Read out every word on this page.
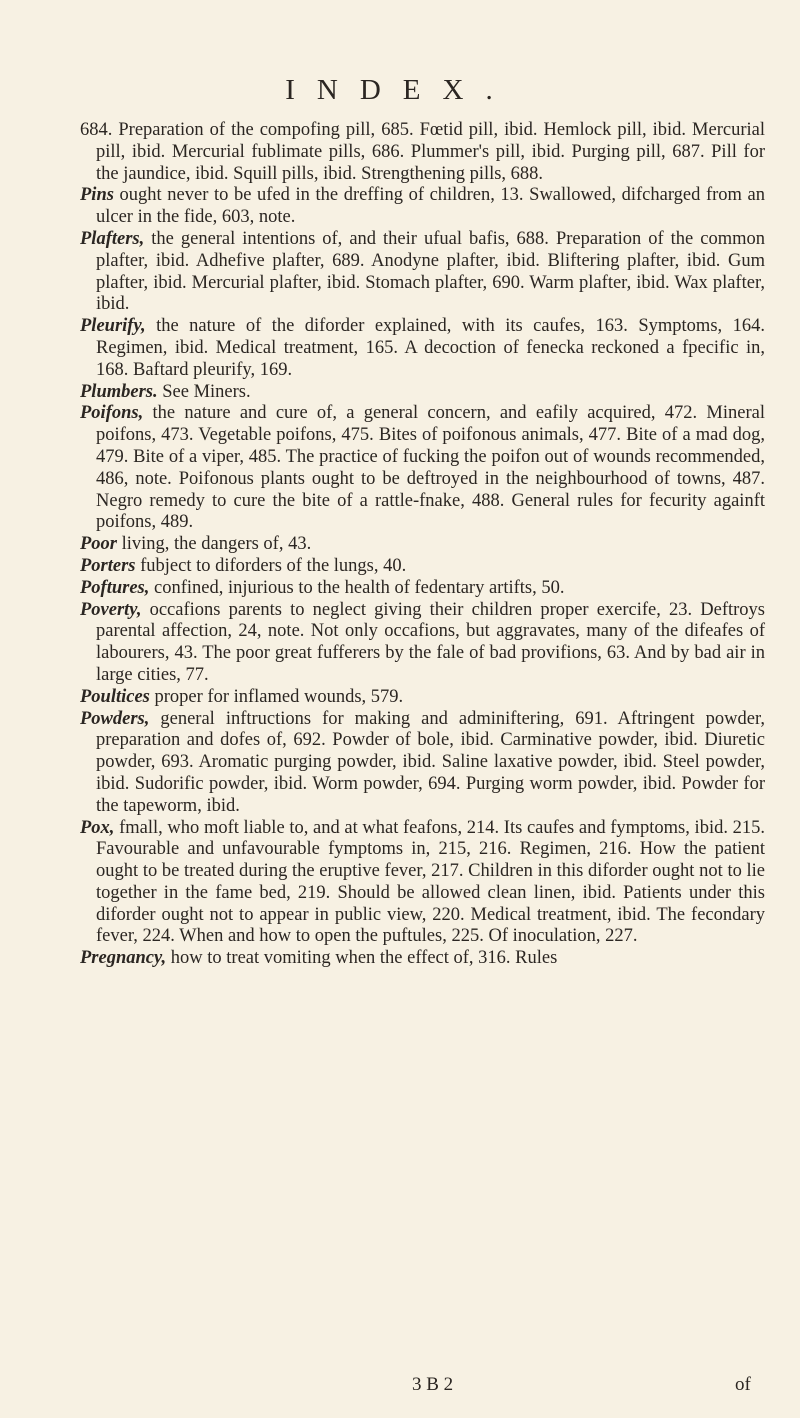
INDEX.

684. Preparation of the compofing pill, 685. Fœtid pill, ibid. Hemlock pill, ibid. Mercurial pill, ibid. Mercurial fublimate pills, 686. Plummer's pill, ibid. Purging pill, 687. Pill for the jaundice, ibid. Squill pills, ibid. Strengthening pills, 688.

Pins ought never to be ufed in the dreffing of children, 13. Swallowed, difcharged from an ulcer in the fide, 603, note.

Plafters, the general intentions of, and their ufual bafis, 688. Preparation of the common plafter, ibid. Adhefive plafter, 689. Anodyne plafter, ibid. Bliftering plafter, ibid. Gum plafter, ibid. Mercurial plafter, ibid. Stomach plafter, 690. Warm plafter, ibid. Wax plafter, ibid.

Pleurify, the nature of the diforder explained, with its caufes, 163. Symptoms, 164. Regimen, ibid. Medical treatment, 165. A decoction of fenecka reckoned a fpecific in, 168. Baftard pleurify, 169.

Plumbers. See Miners.

Poifons, the nature and cure of, a general concern, and eafily acquired, 472. Mineral poifons, 473. Vegetable poifons, 475. Bites of poifonous animals, 477. Bite of a mad dog, 479. Bite of a viper, 485. The practice of fucking the poifon out of wounds recommended, 486, note. Poifonous plants ought to be deftroyed in the neighbourhood of towns, 487. Negro remedy to cure the bite of a rattle-fnake, 488. General rules for fecurity againft poifons, 489.

Poor living, the dangers of, 43.

Porters fubject to diforders of the lungs, 40.

Poftures, confined, injurious to the health of fedentary artifts, 50.

Poverty, occafions parents to neglect giving their children proper exercife, 23. Deftroys parental affection, 24, note. Not only occafions, but aggravates, many of the difeafes of labourers, 43. The poor great fufferers by the fale of bad provifions, 63. And by bad air in large cities, 77.

Poultices proper for inflamed wounds, 579.

Powders, general inftructions for making and adminiftering, 691. Aftringent powder, preparation and dofes of, 692. Powder of bole, ibid. Carminative powder, ibid. Diuretic powder, 693. Aromatic purging powder, ibid. Saline laxative powder, ibid. Steel powder, ibid. Sudorific powder, ibid. Worm powder, 694. Purging worm powder, ibid. Powder for the tapeworm, ibid.

Pox, fmall, who moft liable to, and at what feafons, 214. Its caufes and fymptoms, ibid. 215. Favourable and unfavourable fymptoms in, 215, 216. Regimen, 216. How the patient ought to be treated during the eruptive fever, 217. Children in this diforder ought not to lie together in the fame bed, 219. Should be allowed clean linen, ibid. Patients under this diforder ought not to appear in public view, 220. Medical treatment, ibid. The fecondary fever, 224. When and how to open the puftules, 225. Of inoculation, 227.

Pregnancy, how to treat vomiting when the effect of, 316. Rules

3 B 2	of
